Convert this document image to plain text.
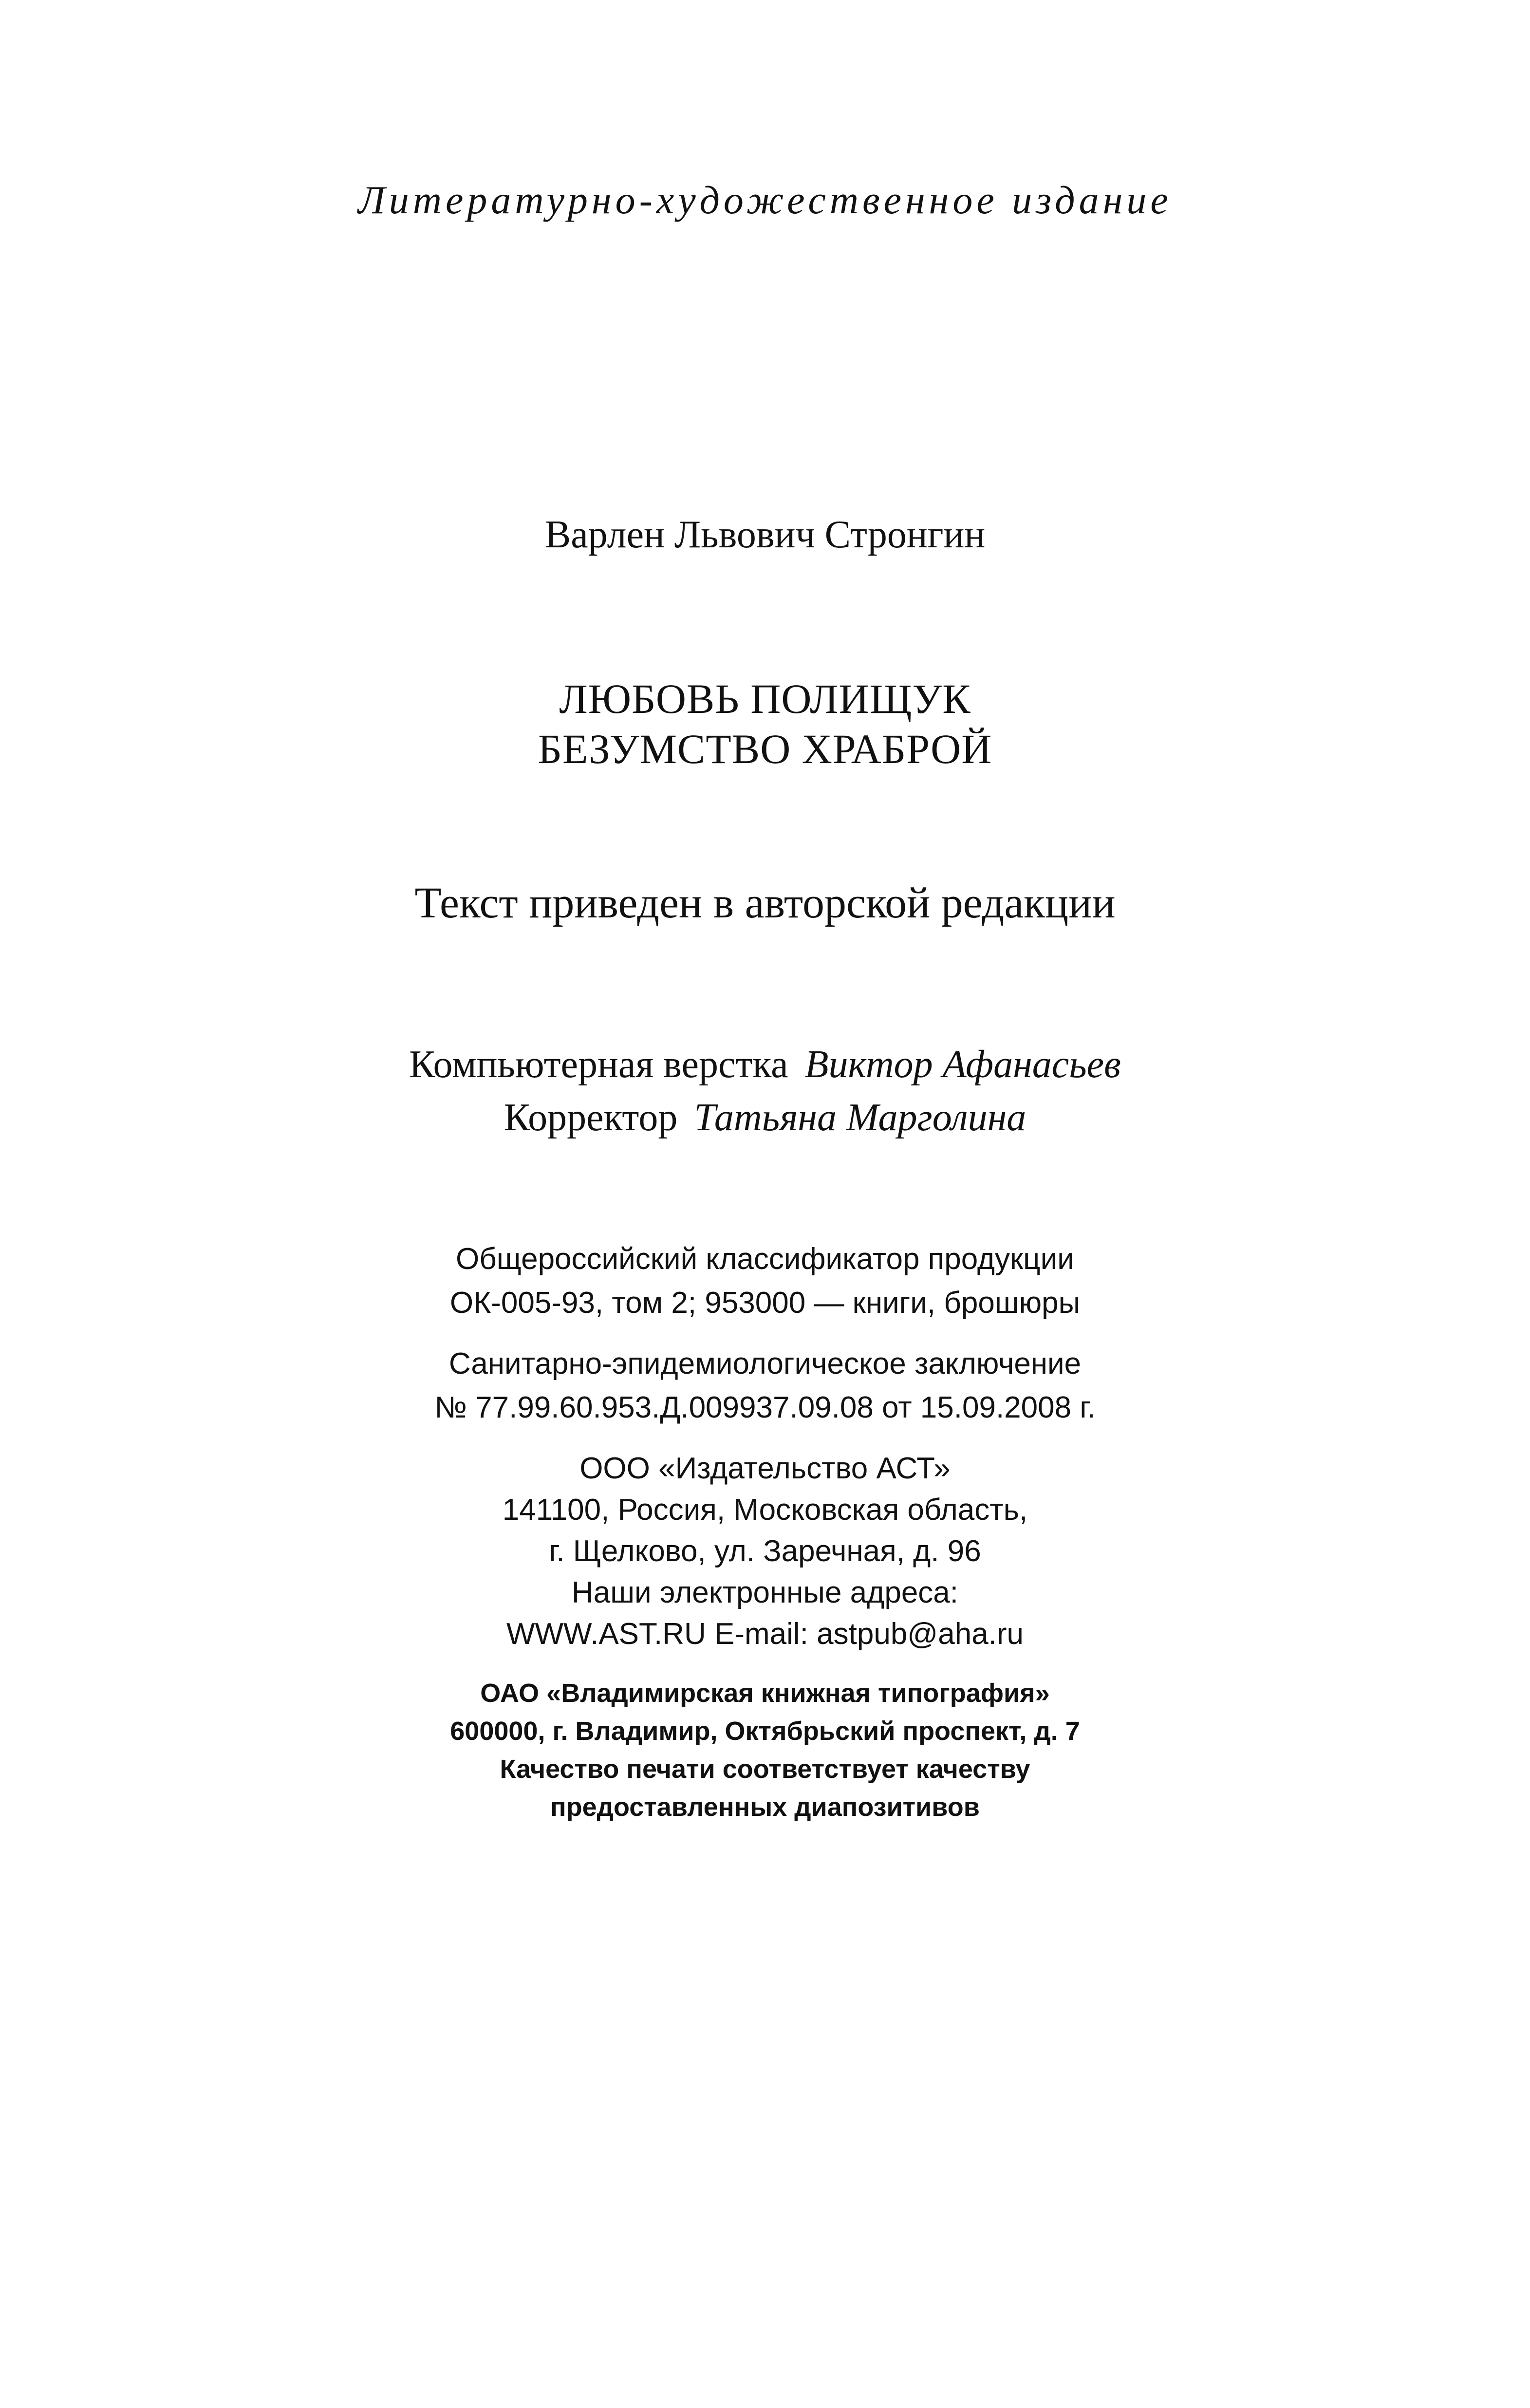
Литературно-художественное издание
Варлен Львович Стронгин
ЛЮБОВЬ ПОЛИЩУК
БЕЗУМСТВО ХРАБРОЙ
Текст приведен в авторской редакции
Компьютерная верстка Виктор Афанасьев
Корректор Татьяна Марголина
Общероссийский классификатор продукции
ОК-005-93, том 2; 953000 — книги, брошюры
Санитарно-эпидемиологическое заключение
№ 77.99.60.953.Д.009937.09.08 от 15.09.2008 г.
ООО «Издательство АСТ»
141100, Россия, Московская область,
г. Щелково, ул. Заречная, д. 96
Наши электронные адреса:
WWW.AST.RU E-mail: astpub@aha.ru
ОАО «Владимирская книжная типография»
600000, г. Владимир, Октябрьский проспект, д. 7
Качество печати соответствует качеству
предоставленных диапозитивов
